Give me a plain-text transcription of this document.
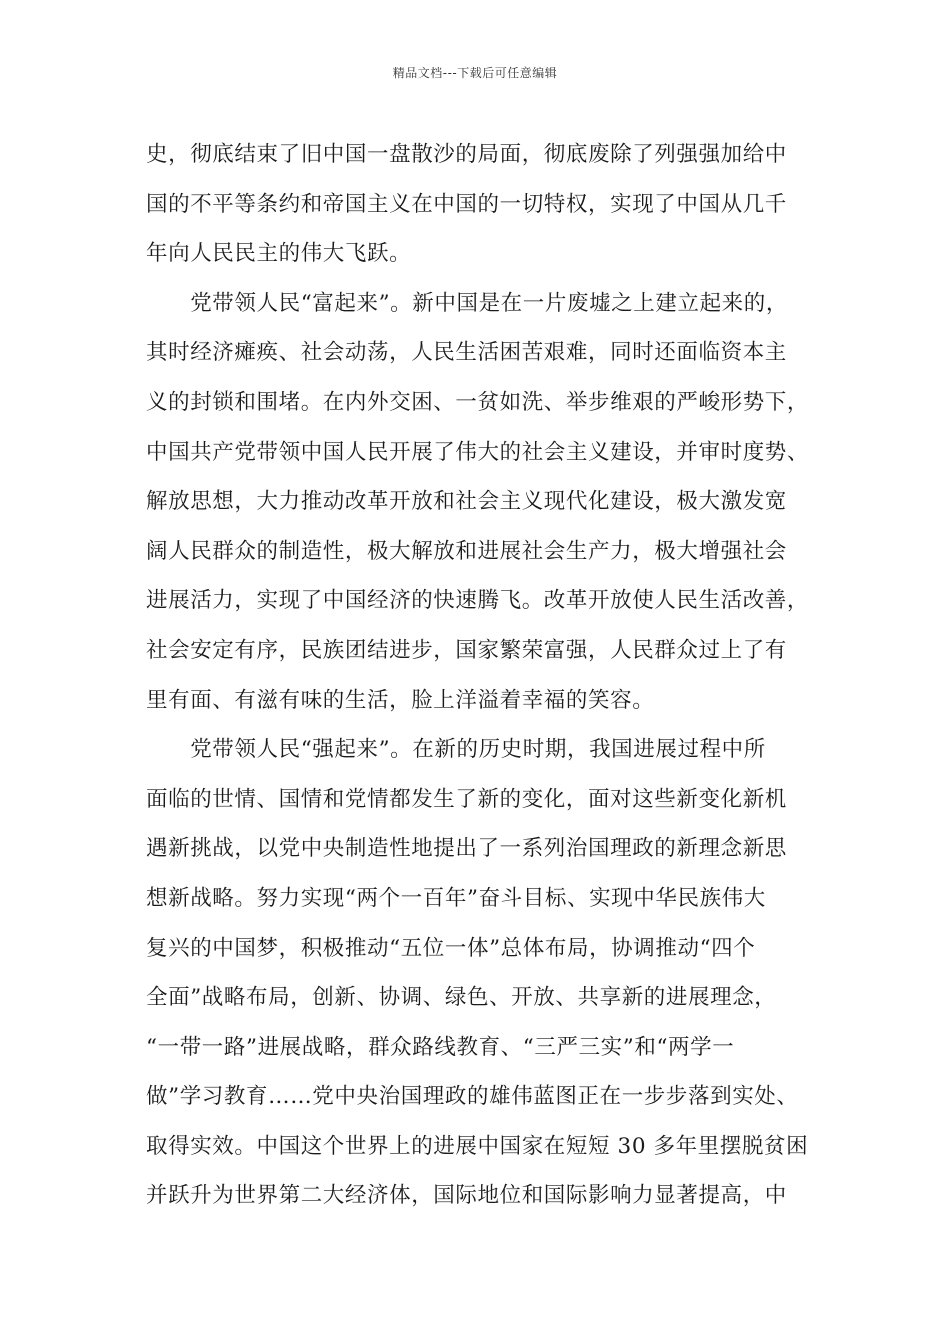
精品文档---下载后可任意编辑
史，彻底结束了旧中国一盘散沙的局面，彻底废除了列强强加给中
国的不平等条约和帝国主义在中国的一切特权，实现了中国从几千
年向人民民主的伟大飞跃。
　　党带领人民“富起来”。新中国是在一片废墟之上建立起来的，
其时经济瘫痪、社会动荡，人民生活困苦艰难，同时还面临资本主
义的封锁和围堵。在内外交困、一贫如洗、举步维艰的严峻形势下，
中国共产党带领中国人民开展了伟大的社会主义建设，并审时度势、
解放思想，大力推动改革开放和社会主义现代化建设，极大激发宽
阔人民群众的制造性，极大解放和进展社会生产力，极大增强社会
进展活力，实现了中国经济的快速腾飞。改革开放使人民生活改善，
社会安定有序，民族团结进步，国家繁荣富强，人民群众过上了有
里有面、有滋有味的生活，脸上洋溢着幸福的笑容。
　　党带领人民“强起来”。在新的历史时期，我国进展过程中所
面临的世情、国情和党情都发生了新的变化，面对这些新变化新机
遇新挑战，以党中央制造性地提出了一系列治国理政的新理念新思
想新战略。努力实现“两个一百年”奋斗目标、实现中华民族伟大
复兴的中国梦，积极推动“五位一体”总体布局，协调推动“四个
全面”战略布局，创新、协调、绿色、开放、共享新的进展理念，
“一带一路”进展战略，群众路线教育、“三严三实”和“两学一
做”学习教育……党中央治国理政的雄伟蓝图正在一步步落到实处、
取得实效。中国这个世界上的进展中国家在短短 30 多年里摆脱贫困
并跃升为世界第二大经济体，国际地位和国际影响力显著提高，中
